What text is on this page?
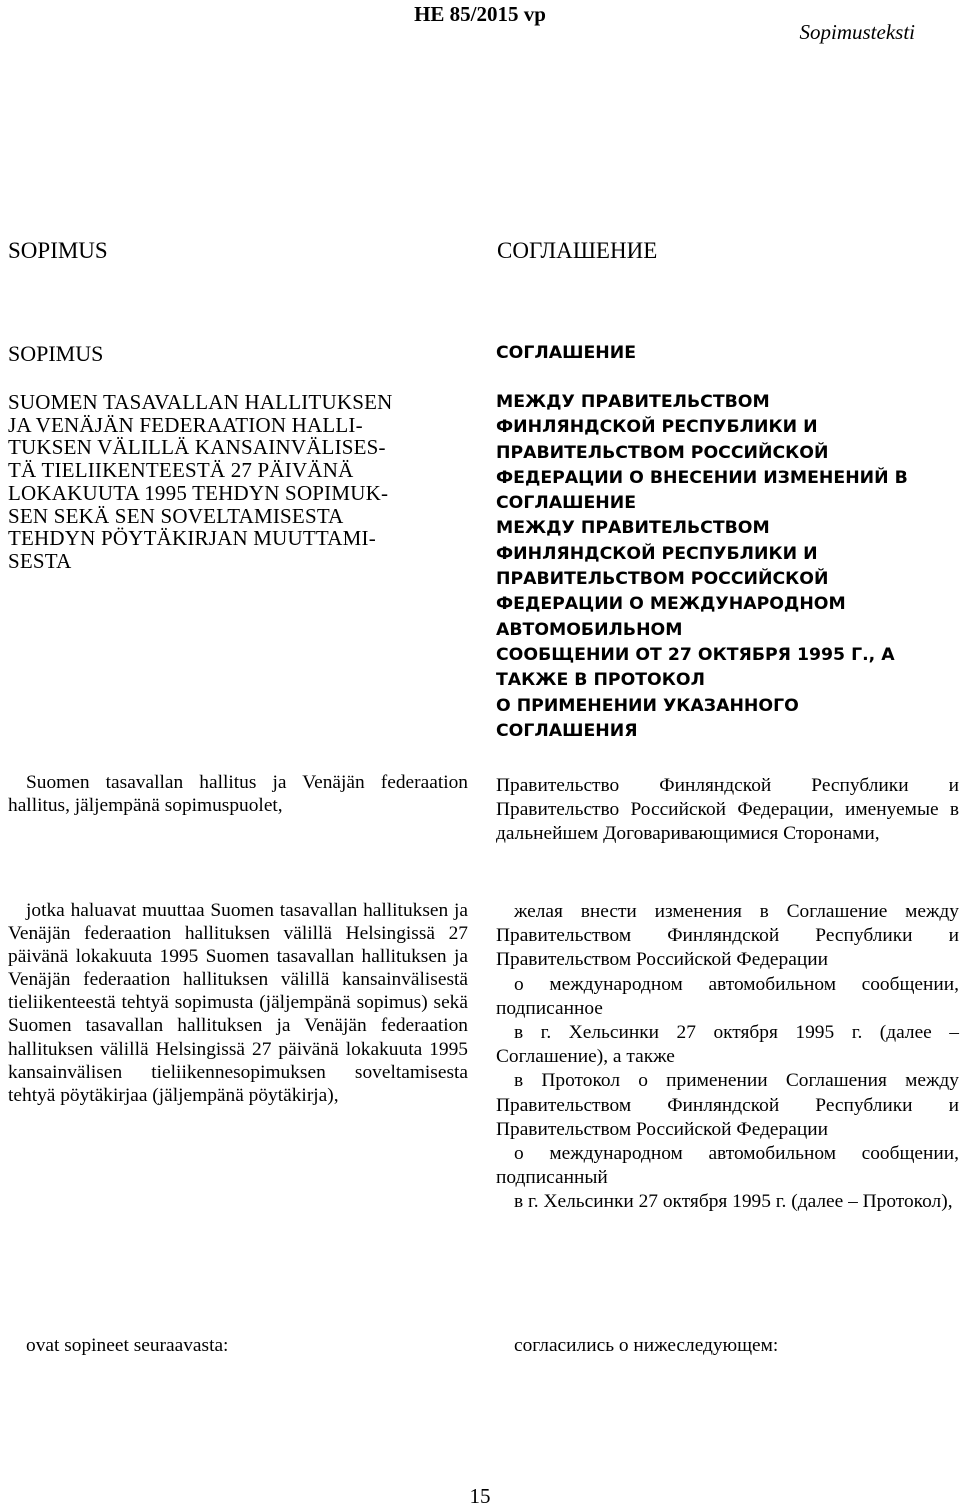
HE 85/2015 vp
Sopimusteksti
SOPIMUS	СОГЛАШЕНИЕ
SOPIMUS	СОГЛАШЕНИЕ
SUOMEN TASAVALLAN HALLITUKSEN
JA VENÄJÄN FEDERAATION HALLI-
TUKSEN VÄLILLÄ KANSAINVÄLISES-
TÄ TIELIIKENTEESTÄ 27 PÄIVÄNÄ
LOKAKUUTA 1995 TEHDYN SOPIMUK-
SEN SEKÄ SEN SOVELTAMISESTA
TEHDYN PÖYTÄKIRJAN MUUTTAMI-
SESTA
МЕЖДУ ПРАВИТЕЛЬСТВОМ
ФИНЛЯНДСКОЙ РЕСПУБЛИКИ И
ПРАВИТЕЛЬСТВОМ РОССИЙСКОЙ
ФЕДЕРАЦИИ О ВНЕСЕНИИ ИЗМЕНЕНИЙ В
СОГЛАШЕНИЕ
МЕЖДУ ПРАВИТЕЛЬСТВОМ
ФИНЛЯНДСКОЙ РЕСПУБЛИКИ И
ПРАВИТЕЛЬСТВОМ РОССИЙСКОЙ
ФЕДЕРАЦИИ О МЕЖДУНАРОДНОМ
АВТОМОБИЛЬНОМ
СООБЩЕНИИ ОТ 27 ОКТЯБРЯ 1995 Г., А
ТАКЖЕ В ПРОТОКОЛ
О ПРИМЕНЕНИИ УКАЗАННОГО
СОГЛАШЕНИЯ

Suomen tasavallan hallitus ja Venäjän federaation hallitus, jäljempänä sopimuspuolet,

Правительство Финляндской Республики и Правительство Российской Федерации, именуемые в дальнейшем Договаривающимися Сторонами,

jotka haluavat muuttaa Suomen tasavallan hallituksen ja Venäjän federaation hallituksen välillä Helsingissä 27 päivänä lokakuuta 1995 Suomen tasavallan hallituksen ja Venäjän federaation hallituksen välillä kansainvälisestä tieliikenteestä tehtyä sopimusta (jäljempänä sopimus) sekä Suomen tasavallan hallituksen ja Venäjän federaation hallituksen välillä Helsingissä 27 päivänä lokakuuta 1995 kansainvälisen tieliikennesopimuksen soveltamisesta tehtyä pöytäkirjaa (jäljempänä pöytäkirja),

желая внести изменения в Соглашение между Правительством Финляндской Республики и Правительством Российской Федерации

о международном автомобильном сообщении, подписанное

в г. Хельсинки 27 октября 1995 г. (далее – Соглашение), а также

в Протокол о применении Соглашения между Правительством Финляндской Республики и Правительством Российской Федерации

о международном автомобильном сообщении, подписанный

в г. Хельсинки 27 октября 1995 г. (далее – Протокол),

ovat sopineet seuraavasta:	согласились о нижеследующем:

15
